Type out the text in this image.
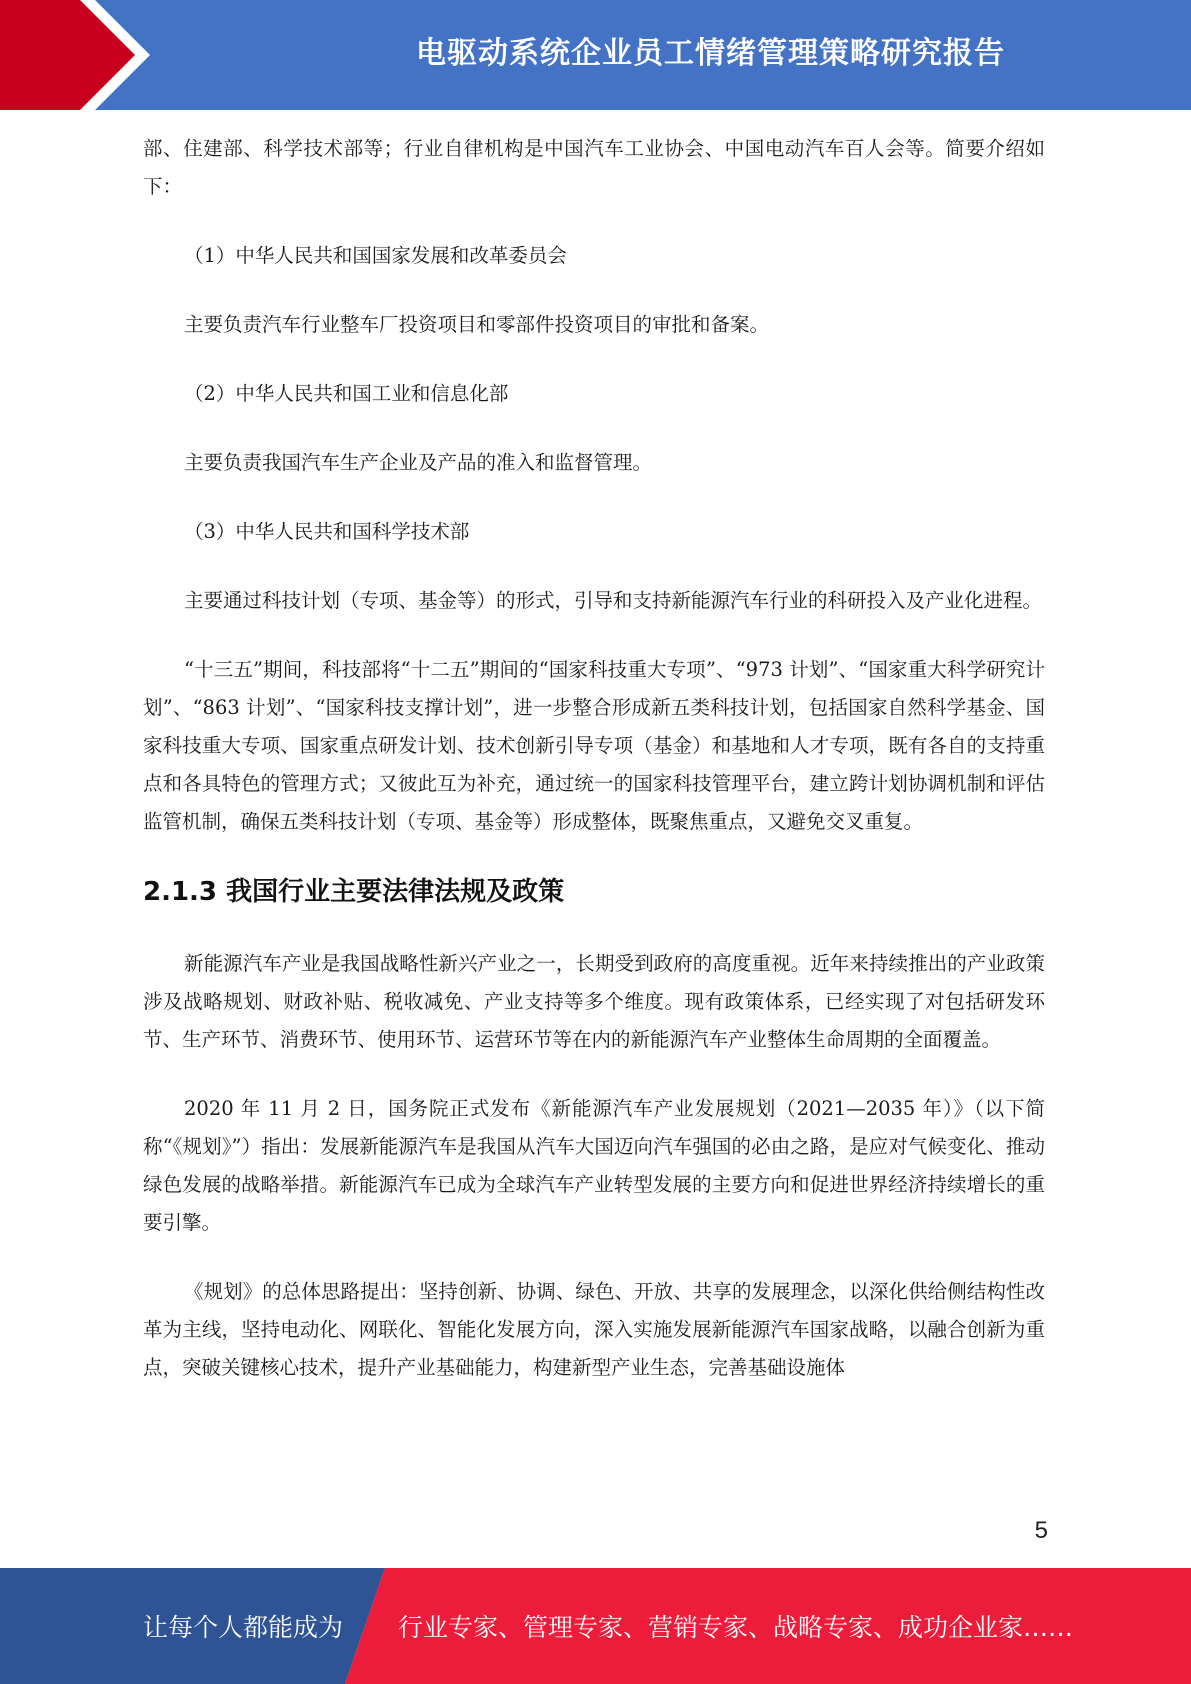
电驱动系统企业员工情绪管理策略研究报告

部、住建部、科学技术部等；行业自律机构是中国汽车工业协会、中国电动汽车百人会等。简要介绍如下：

（1）中华人民共和国国家发展和改革委员会

主要负责汽车行业整车厂投资项目和零部件投资项目的审批和备案。

（2）中华人民共和国工业和信息化部

主要负责我国汽车生产企业及产品的准入和监督管理。

（3）中华人民共和国科学技术部

主要通过科技计划（专项、基金等）的形式，引导和支持新能源汽车行业的科研投入及产业化进程。

“十三五”期间，科技部将“十二五”期间的“国家科技重大专项”、“973 计划”、“国家重大科学研究计划”、“863 计划”、“国家科技支撑计划”，进一步整合形成新五类科技计划，包括国家自然科学基金、国家科技重大专项、国家重点研发计划、技术创新引导专项（基金）和基地和人才专项，既有各自的支持重点和各具特色的管理方式；又彼此互为补充，通过统一的国家科技管理平台，建立跨计划协调机制和评估监管机制，确保五类科技计划（专项、基金等）形成整体，既聚焦重点，又避免交叉重复。

2.1.3 我国行业主要法律法规及政策

新能源汽车产业是我国战略性新兴产业之一，长期受到政府的高度重视。近年来持续推出的产业政策涉及战略规划、财政补贴、税收减免、产业支持等多个维度。现有政策体系，已经实现了对包括研发环节、生产环节、消费环节、使用环节、运营环节等在内的新能源汽车产业整体生命周期的全面覆盖。

2020 年 11 月 2 日，国务院正式发布《新能源汽车产业发展规划（2021—2035 年）》（以下简称“《规划》”）指出：发展新能源汽车是我国从汽车大国迈向汽车强国的必由之路，是应对气候变化、推动绿色发展的战略举措。新能源汽车已成为全球汽车产业转型发展的主要方向和促进世界经济持续增长的重要引擎。

《规划》的总体思路提出：坚持创新、协调、绿色、开放、共享的发展理念，以深化供给侧结构性改革为主线，坚持电动化、网联化、智能化发展方向，深入实施发展新能源汽车国家战略，以融合创新为重点，突破关键核心技术，提升产业基础能力，构建新型产业生态，完善基础设施体

5
让每个人都能成为 行业专家、管理专家、营销专家、战略专家、成功企业家……
